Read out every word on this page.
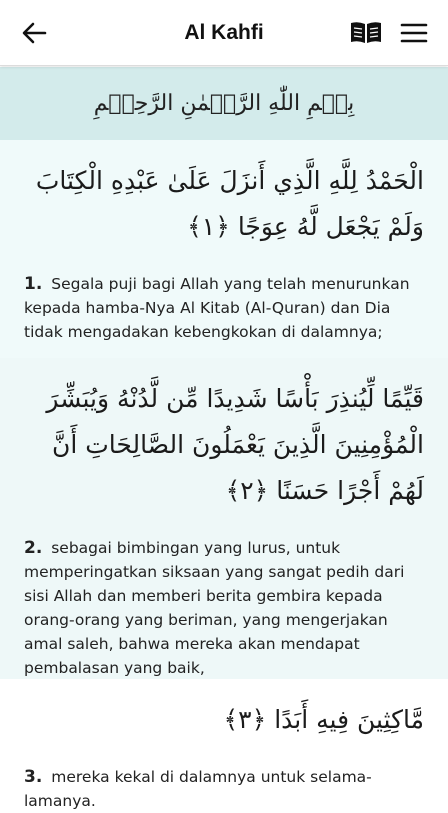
Al Kahfi
بِسۡمِ اللّٰهِ الرَّحۡمٰنِ الرَّحِيۡمِ
الْحَمْدُ لِلَّهِ الَّذِي أَنزَلَ عَلَىٰ عَبْدِهِ الْكِتَابَ وَلَمْ يَجْعَل لَّهُ عِوَجًا ﴿١﴾
1. Segala puji bagi Allah yang telah menurunkan kepada hamba-Nya Al Kitab (Al-Quran) dan Dia tidak mengadakan kebengkokan di dalamnya;
قَيِّمًا لِّيُنذِرَ بَأْسًا شَدِيدًا مِّن لَّدُنْهُ وَيُبَشِّرَ الْمُؤْمِنِينَ الَّذِينَ يَعْمَلُونَ الصَّالِحَاتِ أَنَّ لَهُمْ أَجْرًا حَسَنًا ﴿٢﴾
2. sebagai bimbingan yang lurus, untuk memperingatkan siksaan yang sangat pedih dari sisi Allah dan memberi berita gembira kepada orang-orang yang beriman, yang mengerjakan amal saleh, bahwa mereka akan mendapat pembalasan yang baik,
مَّاكِثِينَ فِيهِ أَبَدًا ﴿٣﴾
3. mereka kekal di dalamnya untuk selama-lamanya.
